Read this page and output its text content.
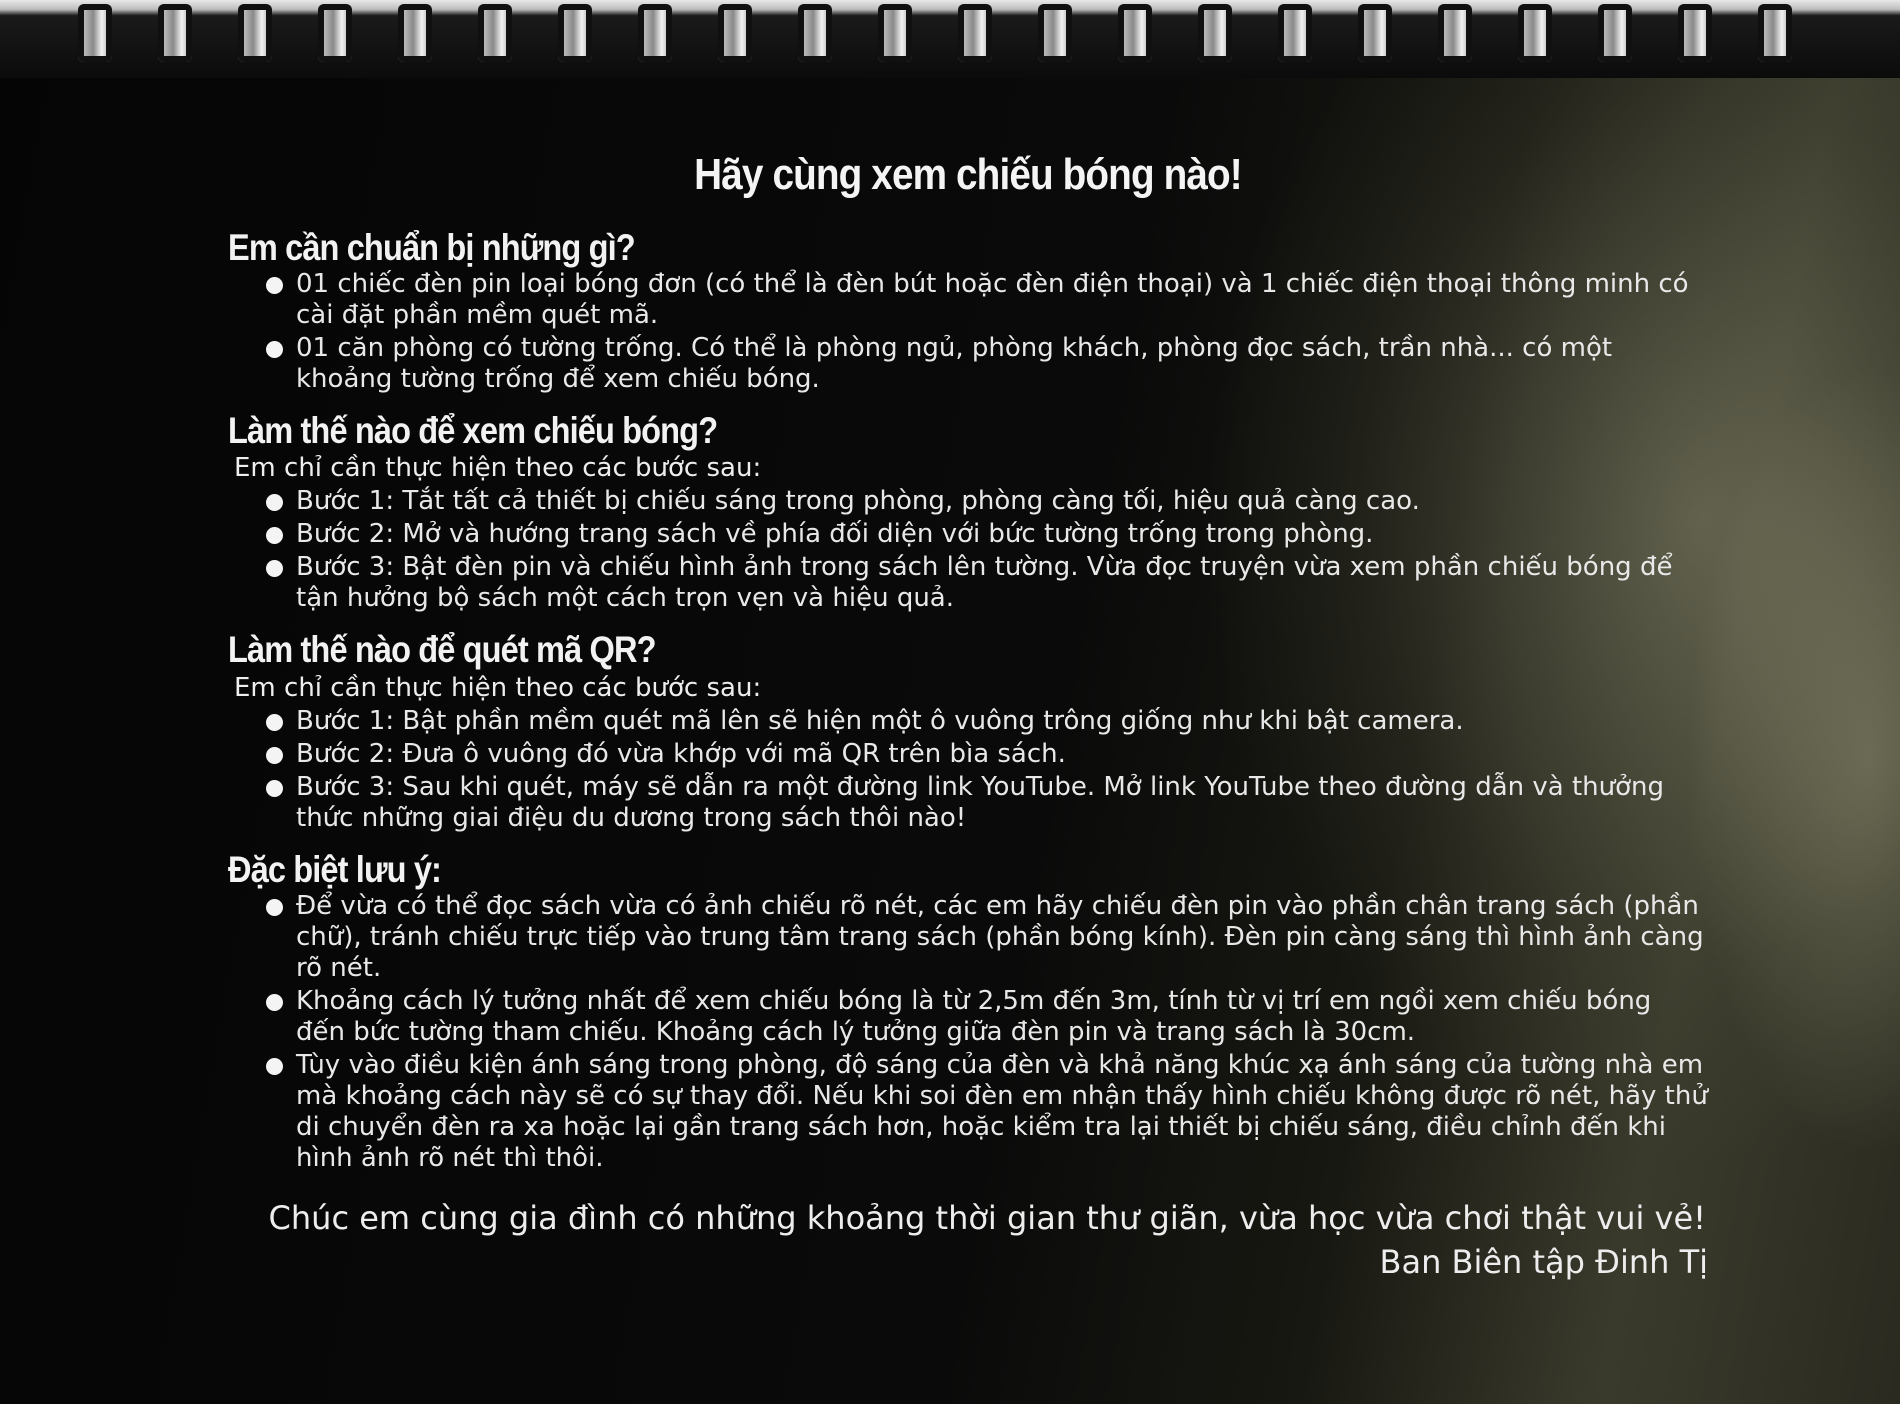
Hãy cùng xem chiếu bóng nào!
Em cần chuẩn bị những gì?
01 chiếc đèn pin loại bóng đơn (có thể là đèn bút hoặc đèn điện thoại) và 1 chiếc điện thoại thông minh có cài đặt phần mềm quét mã.
01 căn phòng có tường trống. Có thể là phòng ngủ, phòng khách, phòng đọc sách, trần nhà... có một khoảng tường trống để xem chiếu bóng.
Làm thế nào để xem chiếu bóng?
Em chỉ cần thực hiện theo các bước sau:
Bước 1: Tắt tất cả thiết bị chiếu sáng trong phòng, phòng càng tối, hiệu quả càng cao.
Bước 2: Mở và hướng trang sách về phía đối diện với bức tường trống trong phòng.
Bước 3: Bật đèn pin và chiếu hình ảnh trong sách lên tường. Vừa đọc truyện vừa xem phần chiếu bóng để tận hưởng bộ sách một cách trọn vẹn và hiệu quả.
Làm thế nào để quét mã QR?
Em chỉ cần thực hiện theo các bước sau:
Bước 1: Bật phần mềm quét mã lên sẽ hiện một ô vuông trông giống như khi bật camera.
Bước 2: Đưa ô vuông đó vừa khớp với mã QR trên bìa sách.
Bước 3: Sau khi quét, máy sẽ dẫn ra một đường link YouTube. Mở link YouTube theo đường dẫn và thưởng thức những giai điệu du dương trong sách thôi nào!
Đặc biệt lưu ý:
Để vừa có thể đọc sách vừa có ảnh chiếu rõ nét, các em hãy chiếu đèn pin vào phần chân trang sách (phần chữ), tránh chiếu trực tiếp vào trung tâm trang sách (phần bóng kính). Đèn pin càng sáng thì hình ảnh càng rõ nét.
Khoảng cách lý tưởng nhất để xem chiếu bóng là từ 2,5m đến 3m, tính từ vị trí em ngồi xem chiếu bóng đến bức tường tham chiếu. Khoảng cách lý tưởng giữa đèn pin và trang sách là 30cm.
Tùy vào điều kiện ánh sáng trong phòng, độ sáng của đèn và khả năng khúc xạ ánh sáng của tường nhà em mà khoảng cách này sẽ có sự thay đổi. Nếu khi soi đèn em nhận thấy hình chiếu không được rõ nét, hãy thử di chuyển đèn ra xa hoặc lại gần trang sách hơn, hoặc kiểm tra lại thiết bị chiếu sáng, điều chỉnh đến khi hình ảnh rõ nét thì thôi.
Chúc em cùng gia đình có những khoảng thời gian thư giãn, vừa học vừa chơi thật vui vẻ!
Ban Biên tập Đinh Tị
